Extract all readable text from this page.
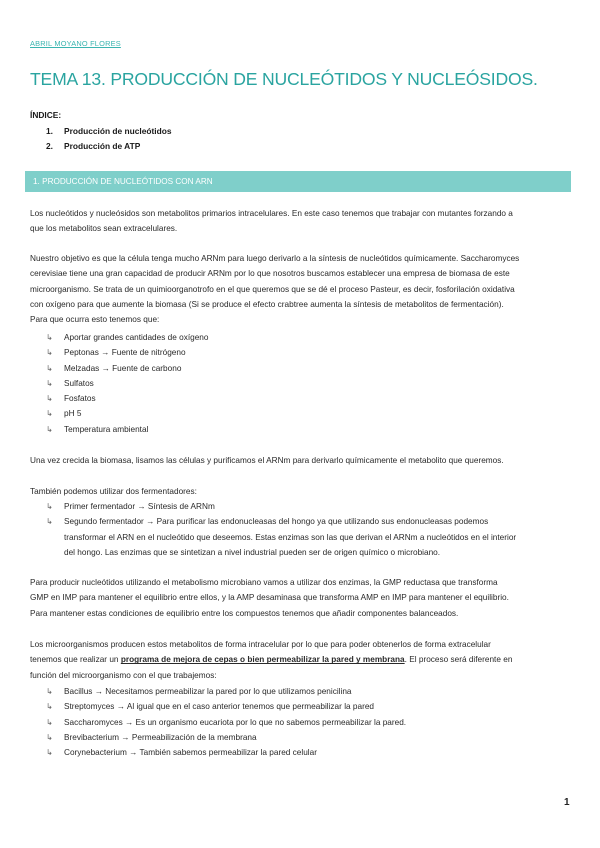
ABRIL MOYANO FLORES
TEMA 13. PRODUCCIÓN DE NUCLEÓTIDOS Y NUCLEÓSIDOS.
ÍNDICE:
1. Producción de nucleótidos
2. Producción de ATP
1. PRODUCCIÓN DE NUCLEÓTIDOS CON ARN

Los nucleótidos y nucleósidos son metabolitos primarios intracelulares. En este caso tenemos que trabajar con mutantes forzando a
que los metabolitos sean extracelulares.

Nuestro objetivo es que la célula tenga mucho ARNm para luego derivarlo a la síntesis de nucleótidos químicamente. Saccharomyces
cerevisiae tiene una gran capacidad de producir ARNm por lo que nosotros buscamos establecer una empresa de biomasa de este
microorganismo. Se trata de un quimioorganotrofo en el que queremos que se dé el proceso Pasteur, es decir, fosforilación oxidativa
con oxígeno para que aumente la biomasa (Si se produce el efecto crabtree aumenta la síntesis de metabolitos de fermentación).
Para que ocurra esto tenemos que:

↳ Aportar grandes cantidades de oxígeno
↳ Peptonas → Fuente de nitrógeno
↳ Melzadas → Fuente de carbono
↳ Sulfatos
↳ Fosfatos
↳ pH 5
↳ Temperatura ambiental

Una vez crecida la biomasa, lisamos las células y purificamos el ARNm para derivarlo químicamente el metabolito que queremos.

También podemos utilizar dos fermentadores:

↳ Primer fermentador → Síntesis de ARNm
↳ Segundo fermentador → Para purificar las endonucleasas del hongo ya que utilizando sus endonucleasas podemos
transformar el ARN en el nucleótido que deseemos. Estas enzimas son las que derivan el ARNm a nucleótidos en el interior
del hongo. Las enzimas que se sintetizan a nivel industrial pueden ser de origen químico o microbiano.

Para producir nucleótidos utilizando el metabolismo microbiano vamos a utilizar dos enzimas, la GMP reductasa que transforma
GMP en IMP para mantener el equilibrio entre ellos, y la AMP desaminasa que transforma AMP en IMP para mantener el equilibrio.
Para mantener estas condiciones de equilibrio entre los compuestos tenemos que añadir componentes balanceados.

Los microorganismos producen estos metabolitos de forma intracelular por lo que para poder obtenerlos de forma extracelular
tenemos que realizar un programa de mejora de cepas o bien permeabilizar la pared y membrana. El proceso será diferente en
función del microorganismo con el que trabajemos:

↳ Bacillus → Necesitamos permeabilizar la pared por lo que utilizamos penicilina
↳ Streptomyces → Al igual que en el caso anterior tenemos que permeabilizar la pared
↳ Saccharomyces → Es un organismo eucariota por lo que no sabemos permeabilizar la pared.
↳ Brevibacterium → Permeabilización de la membrana
↳ Corynebacterium → También sabemos permeabilizar la pared celular
1
